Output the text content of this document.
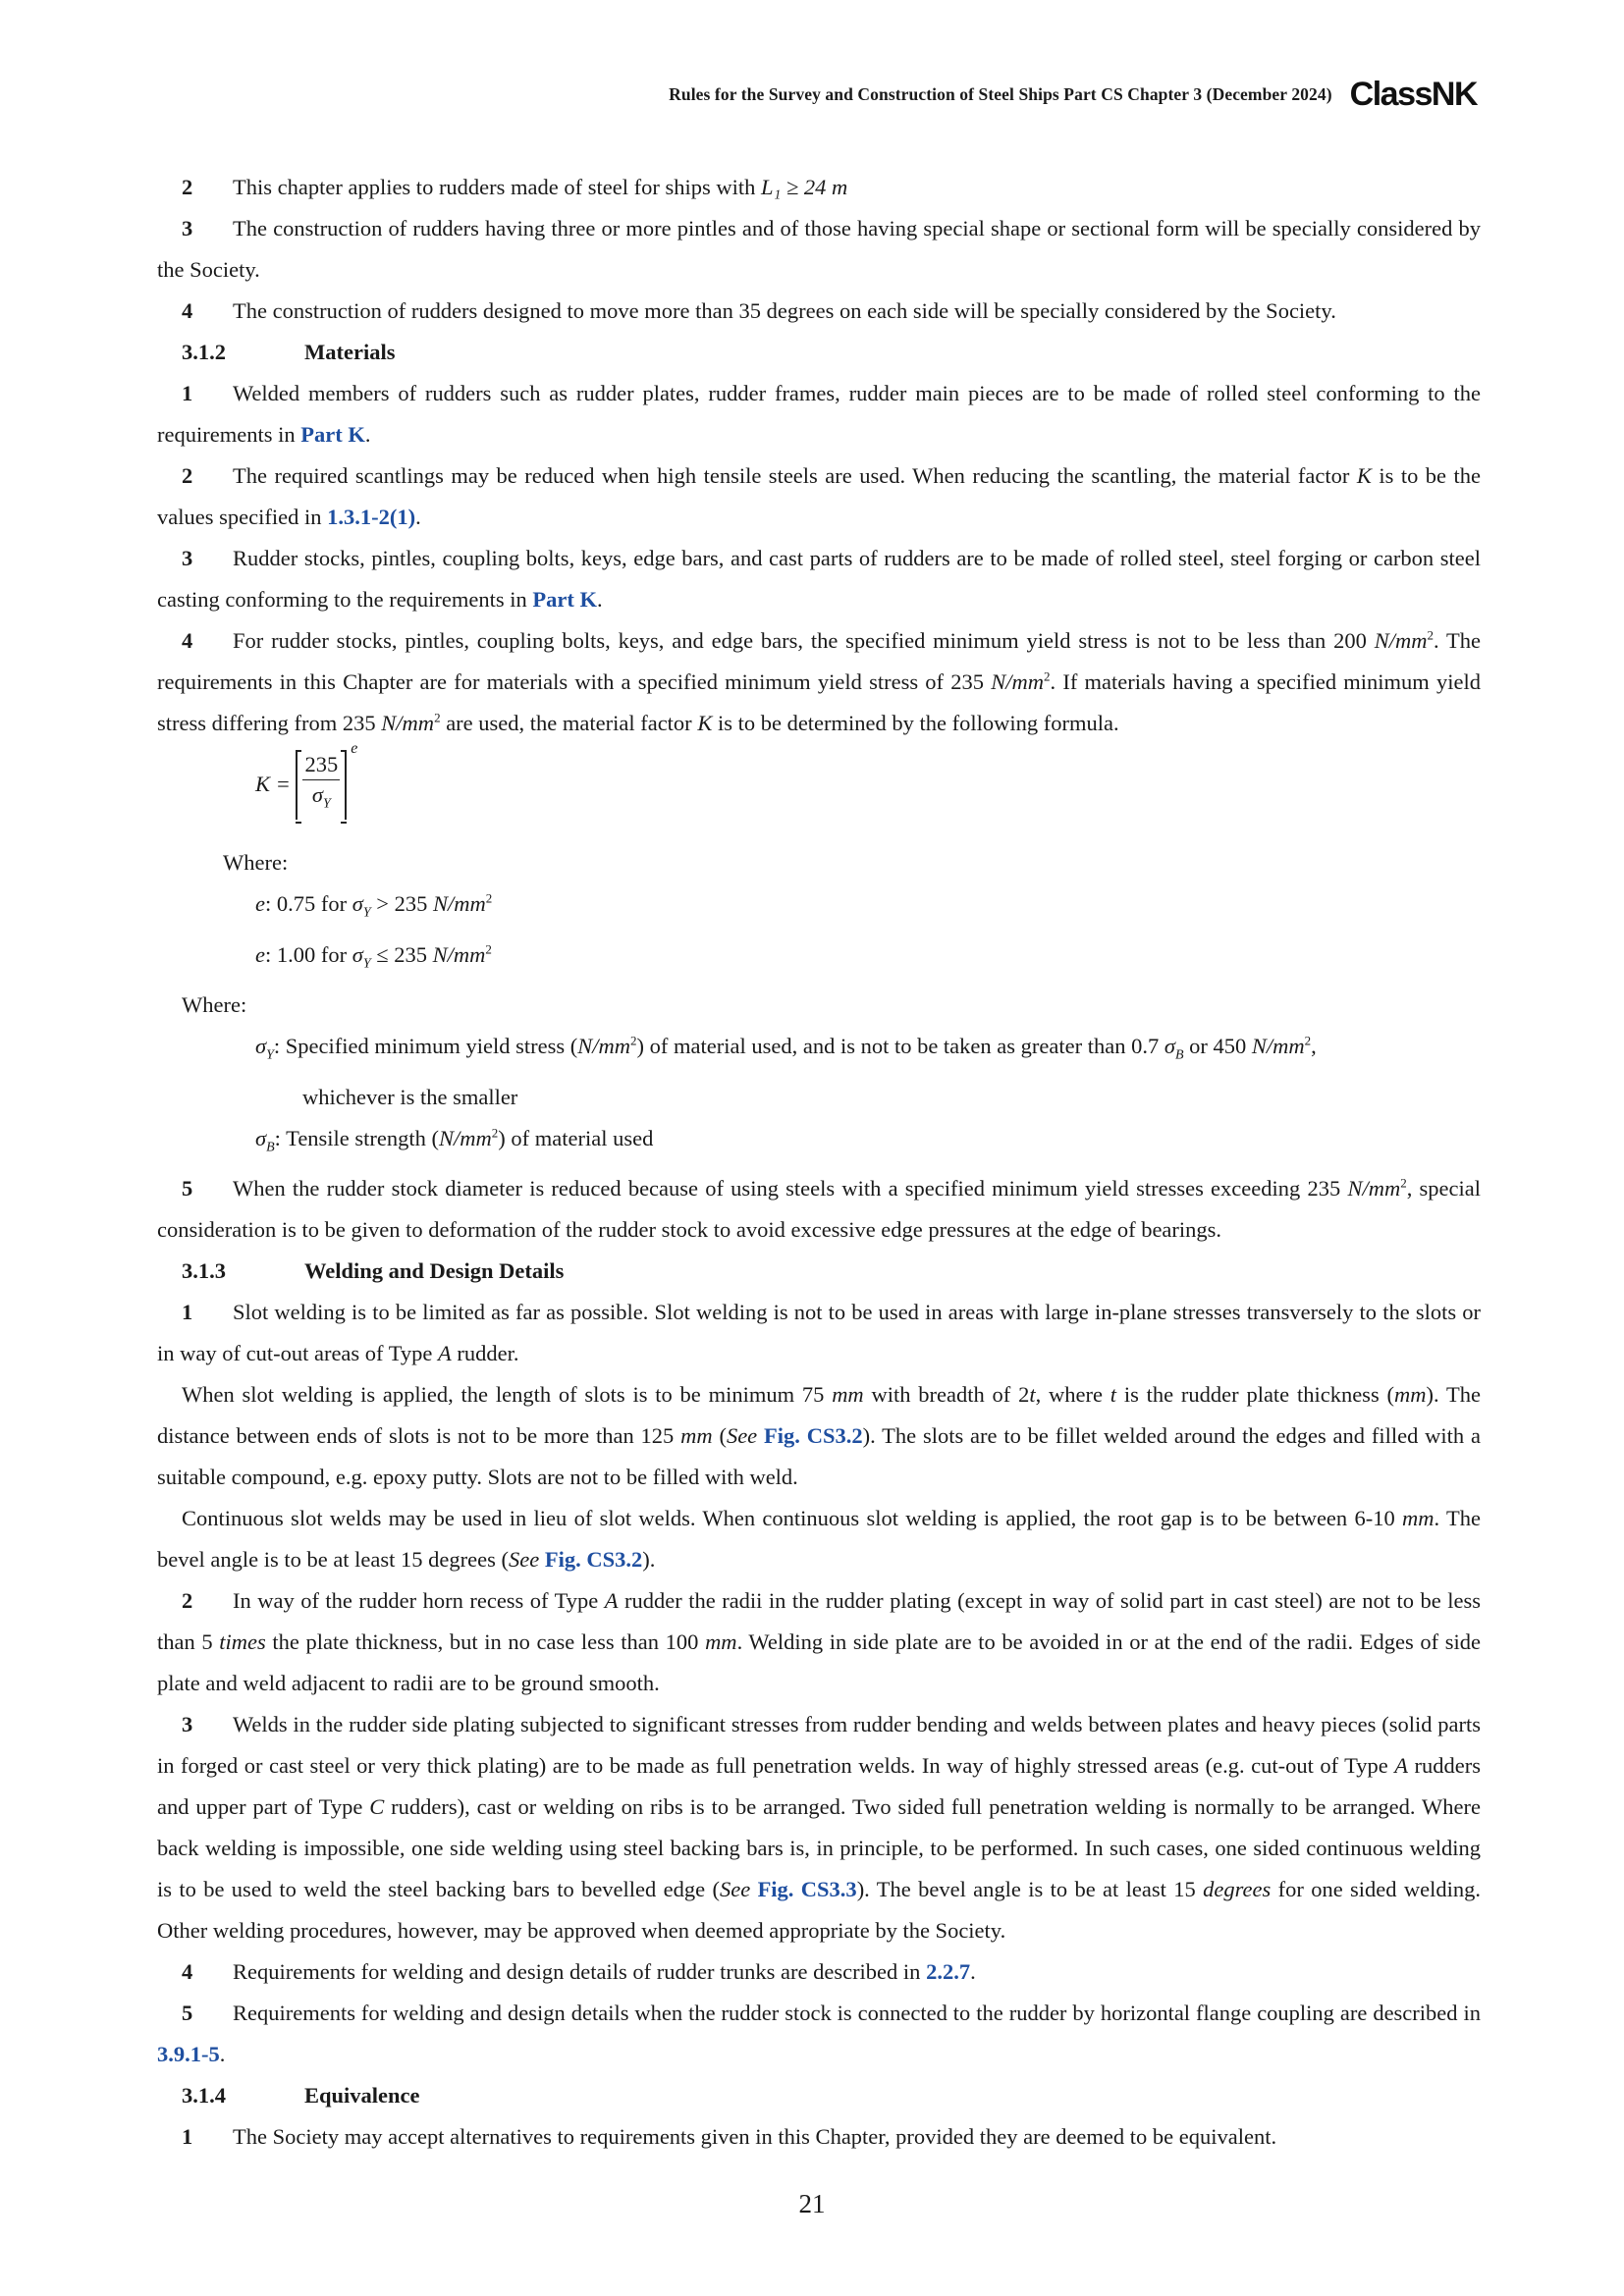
Rules for the Survey and Construction of Steel Ships Part CS Chapter 3 (December 2024) ClassNK

2 This chapter applies to rudders made of steel for ships with L₁ ≥ 24 m

3 The construction of rudders having three or more pintles and of those having special shape or sectional form will be specially considered by the Society.

4 The construction of rudders designed to move more than 35 degrees on each side will be specially considered by the Society.

3.1.2	Materials

1 Welded members of rudders such as rudder plates, rudder frames, rudder main pieces are to be made of rolled steel conforming to the requirements in Part K.

2 The required scantlings may be reduced when high tensile steels are used. When reducing the scantling, the material factor K is to be the values specified in 1.3.1-2(1).

3 Rudder stocks, pintles, coupling bolts, keys, edge bars, and cast parts of rudders are to be made of rolled steel, steel forging or carbon steel casting conforming to the requirements in Part K.

4 For rudder stocks, pintles, coupling bolts, keys, and edge bars, the specified minimum yield stress is not to be less than 200 $N/mm^2$. The requirements in this Chapter are for materials with a specified minimum yield stress of 235 $N/mm^2$. If materials having a specified minimum yield stress differing from 235 $N/mm^2$ are used, the material factor K is to be determined by the following formula.

K =
$\frac{235}{\sigma_Y}$
e

Where:

e: 0.75 for $\sigma_Y > 235$ $N/mm^2$

e: 1.00 for $\sigma_Y \le 235$ $N/mm^2$

Where:

$\sigma_Y$: Specified minimum yield stress $(N/mm^2)$ of material used, and is not to be taken as greater than 0.7 $\sigma_B$ or 450 $N/mm^2$,

whichever is the smaller

$\sigma_B$: Tensile strength $(N/mm^2)$ of material used

5 When the rudder stock diameter is reduced because of using steels with a specified minimum yield stresses exceeding 235 $N/mm^2$, special consideration is to be given to deformation of the rudder stock to avoid excessive edge pressures at the edge of bearings.

3.1.3	Welding and Design Details

1 Slot welding is to be limited as far as possible. Slot welding is not to be used in areas with large in-plane stresses transversely to the slots or in way of cut-out areas of Type A rudder.

When slot welding is applied, the length of slots is to be minimum 75 mm with breadth of 2t, where t is the rudder plate thickness (mm). The distance between ends of slots is not to be more than 125 mm (See Fig. CS3.2). The slots are to be fillet welded around the edges and filled with a suitable compound, e.g. epoxy putty. Slots are not to be filled with weld.

Continuous slot welds may be used in lieu of slot welds. When continuous slot welding is applied, the root gap is to be between 6-10 mm. The bevel angle is to be at least 15 degrees (See Fig. CS3.2).

2 In way of the rudder horn recess of Type A rudder the radii in the rudder plating (except in way of solid part in cast steel) are not to be less than 5 times the plate thickness, but in no case less than 100 mm. Welding in side plate are to be avoided in or at the end of the radii. Edges of side plate and weld adjacent to radii are to be ground smooth.

3 Welds in the rudder side plating subjected to significant stresses from rudder bending and welds between plates and heavy pieces (solid parts in forged or cast steel or very thick plating) are to be made as full penetration welds. In way of highly stressed areas (e.g. cut-out of Type A rudders and upper part of Type C rudders), cast or welding on ribs is to be arranged. Two sided full penetration welding is normally to be arranged. Where back welding is impossible, one side welding using steel backing bars is, in principle, to be performed. In such cases, one sided continuous welding is to be used to weld the steel backing bars to bevelled edge (See Fig. CS3.3). The bevel angle is to be at least 15 degrees for one sided welding. Other welding procedures, however, may be approved when deemed appropriate by the Society.

4 Requirements for welding and design details of rudder trunks are described in 2.2.7.

5 Requirements for welding and design details when the rudder stock is connected to the rudder by horizontal flange coupling are described in 3.9.1-5.

3.1.4	Equivalence

1 The Society may accept alternatives to requirements given in this Chapter, provided they are deemed to be equivalent.

21
